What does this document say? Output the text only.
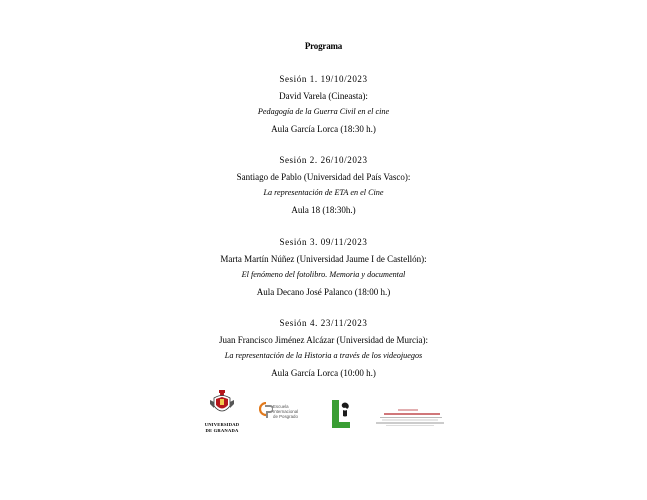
Programa
Sesión 1. 19/10/2023
David Varela (Cineasta):
Pedagogía de la Guerra Civil en el cine
Aula García Lorca (18:30 h.)
Sesión 2. 26/10/2023
Santiago de Pablo (Universidad del País Vasco):
La representación de ETA en el Cine
Aula 18 (18:30h.)
Sesión 3. 09/11/2023
Marta Martín Núñez (Universidad Jaume I de Castellón):
El fenómeno del fotolibro. Memoria y documental
Aula Decano José Palanco (18:00 h.)
Sesión 4. 23/11/2023
Juan Francisco Jiménez Alcázar (Universidad de Murcia):
La representación de la Historia a través de los videojuegos
Aula García Lorca (10:00 h.)
UNIVERSIDAD
DE GRANADA
Escuela
Internacional
de Posgrado
